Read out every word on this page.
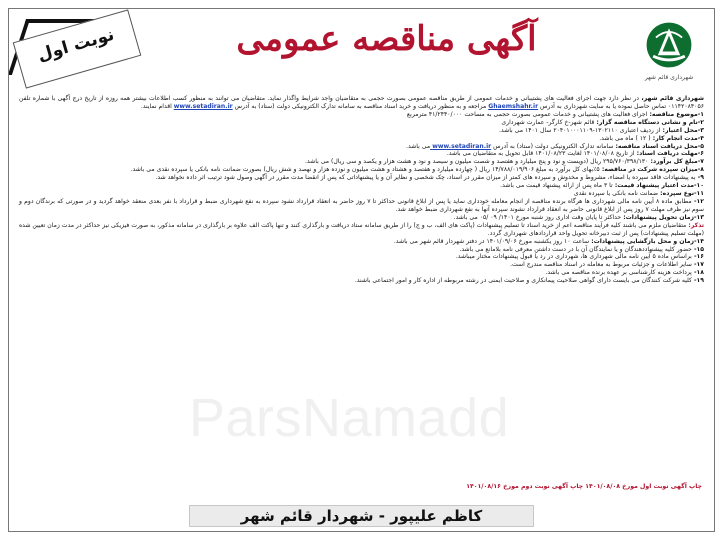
شهرداری قائم شهر
آگهی مناقصه عمومی
نوبت اول

شهرداری قائم شهر، در نظر دارد جهت اجرای فعالیت های پشتیبانی و خدمات عمومی از طریق مناقصه عمومی بصورت حجمی به متقاضیان واجد شرایط واگذار نماید. متقاضیان می توانند به منظور کسب اطلاعات بیشتر همه روزه از تاریخ درج آگهی با شماره تلفن ۰۱۱۴۲۰۸۴۰۵۶ تماس حاصل نموده یا به سایت شهرداری به آدرس Ghaemshahr.ir مراجعه و به منظور دریافت و خرید اسناد مناقصه به سامانه تدارک الکترونیکی دولت (ستاد) به آدرس www.setadiran.ir اقدام نمایند.

۱-موضوع مناقصه: اجرای فعالیت های پشتیبانی و خدمات عمومی بصورت حجمی به مساحت ۴۱/۲۴۴۰/۰۰۰ مترمربع

۲-نام و نشانی دستگاه مناقصه گزار: قائم شهر-خ کارگر- عمارت شهرداری

۳-محل اعتبار: از ردیف اعتباری ۱۳۰۲۱۱۰-۲۰۴۰۱۰۰۰۱۱۰۹ سال ۱۴۰۱ می باشد.

۴-مدت انجام کار: ( ۱۲ ) ماه می باشد.

۵-محل دریافت اسناد مناقصه: سامانه تدارک الکترونیکی دولت (ستاد) به آدرس www.setadiran.ir می باشد.

۶-مهلت دریافت اسناد: از تاریخ ۱۴۰۱/۰۸/۰۸ لغایت ۱۴۰۱/۰۸/۲۳ قابل تحویل به متقاضیان می باشد.

۷-مبلغ کل برآورد: ۲۹۵/۷۶۰/۳۹۸/۱۳۰ ریال (دویست و نود و پنج میلیارد و هفتصد و شصت میلیون و سیصد و نود و هشت هزار و یکصد و سی ریال) می باشد.

۸-میزان سپرده شرکت در مناقصه: ۵٪بهای کل برآورد به مبلغ ۱۴/۷۸۸/۰۱۹/۹۰۶ ریال ( چهارده میلیارد و هفتصد و هشتاد و هشت میلیون و نوزده هزار و نهصد و شش ریال) بصورت ضمانت نامه بانکی یا سپرده نقدی می باشد.

۹- به پیشنهادات فاقد سپرده یا امضاء، مشروط و مخدوش و سپرده های کمتر از میزان مقرر در اسناد، چک شخصی و نظایر آن و یا پیشنهاداتی که پس از انقضا مدت مقرر در آگهی وصول شود ترتیب اثر داده نخواهد شد.

۱۰-مدت اعتبار پیشنهاد قیمت: تا ۳ ماه پس از ارائه پیشنهاد قیمت می باشد.

۱۱-نوع سپرده: ضمانت نامه بانکی یا سپرده نقدی

۱۲- مطابق ماده ۸ آیین نامه مالی شهرداری ها هرگاه برنده مناقصه از انجام معامله خودداری نماید یا پس از ابلاغ قانونی حداکثر تا ۷ روز حاضر به انعقاد قرارداد نشود سپرده به نفع شهرداری ضبط و قرارداد با نفر بعدی منعقد خواهد گردید و در صورتی که برندگان دوم و سوم نیز ظرف مهلت ۷ روز پس از ابلاغ قانونی حاضر به انعقاد قرارداد نشوند سپرده آنها به نفع شهرداری ضبط خواهد شد.

۱۳-زمان تحویل پیشنهادات: حداکثر تا پایان وقت اداری روز شنبه مورخ ۱۴۰۱/ ۰۹ /۰۵ می باشد.

تذکر: متقاضیان ملزم می باشند کلیه فرآیند مناقصه اعم از خرید اسناد تا تسلیم پیشنهادات (پاکت های الف، ب و ج) را از طریق سامانه ستاد دریافت و بارگذاری کنند و تنها پاکت الف علاوه بر بارگذاری در سامانه مذکور، به صورت فیزیکی نیز حداکثر در مدت زمان تعیین شده (مهلت تسلیم پیشنهادات) پس از ثبت دبیرخانه تحویل واحد قراردادهای شهرداری گردد.

۱۴-زمان و محل بازگشایی پیشنهادات: ساعت ۱۰ روز یکشنبه مورخ ۱۴۰۱/۰۹/۰۶ در دفتر شهردار قائم شهر می باشد.

۱۵- حضور کلیه پیشنهاددهندگان و یا نمایندگان آن با در دست داشتن معرفی نامه بلامانع می باشد.

۱۶- براساس ماده ۵ آیین نامه مالی شهرداری ها، شهرداری در رد یا قبول پیشنهادات مختار میباشد.

۱۷- سایر اطلاعات و جزئیات مربوط به معامله در اسناد مناقصه مندرج است.

۱۸- پرداخت هزینه کارشناسی بر عهده برنده مناقصه می باشد.

۱۹- کلیه شرکت کنندگان می بایست دارای گواهی صلاحیت پیمانکاری و صلاحیت ایمنی در رشته مربوطه از اداره کار و امور اجتماعی باشند.

ParsNamadd
چاپ آگهی نوبت اول مورخ ۱۴۰۱/۰۸/۰۸ چاپ آگهی نوبت دوم مورخ ۱۴۰۱/۰۸/۱۶
کاظم علیپور - شهردار قائم شهر
